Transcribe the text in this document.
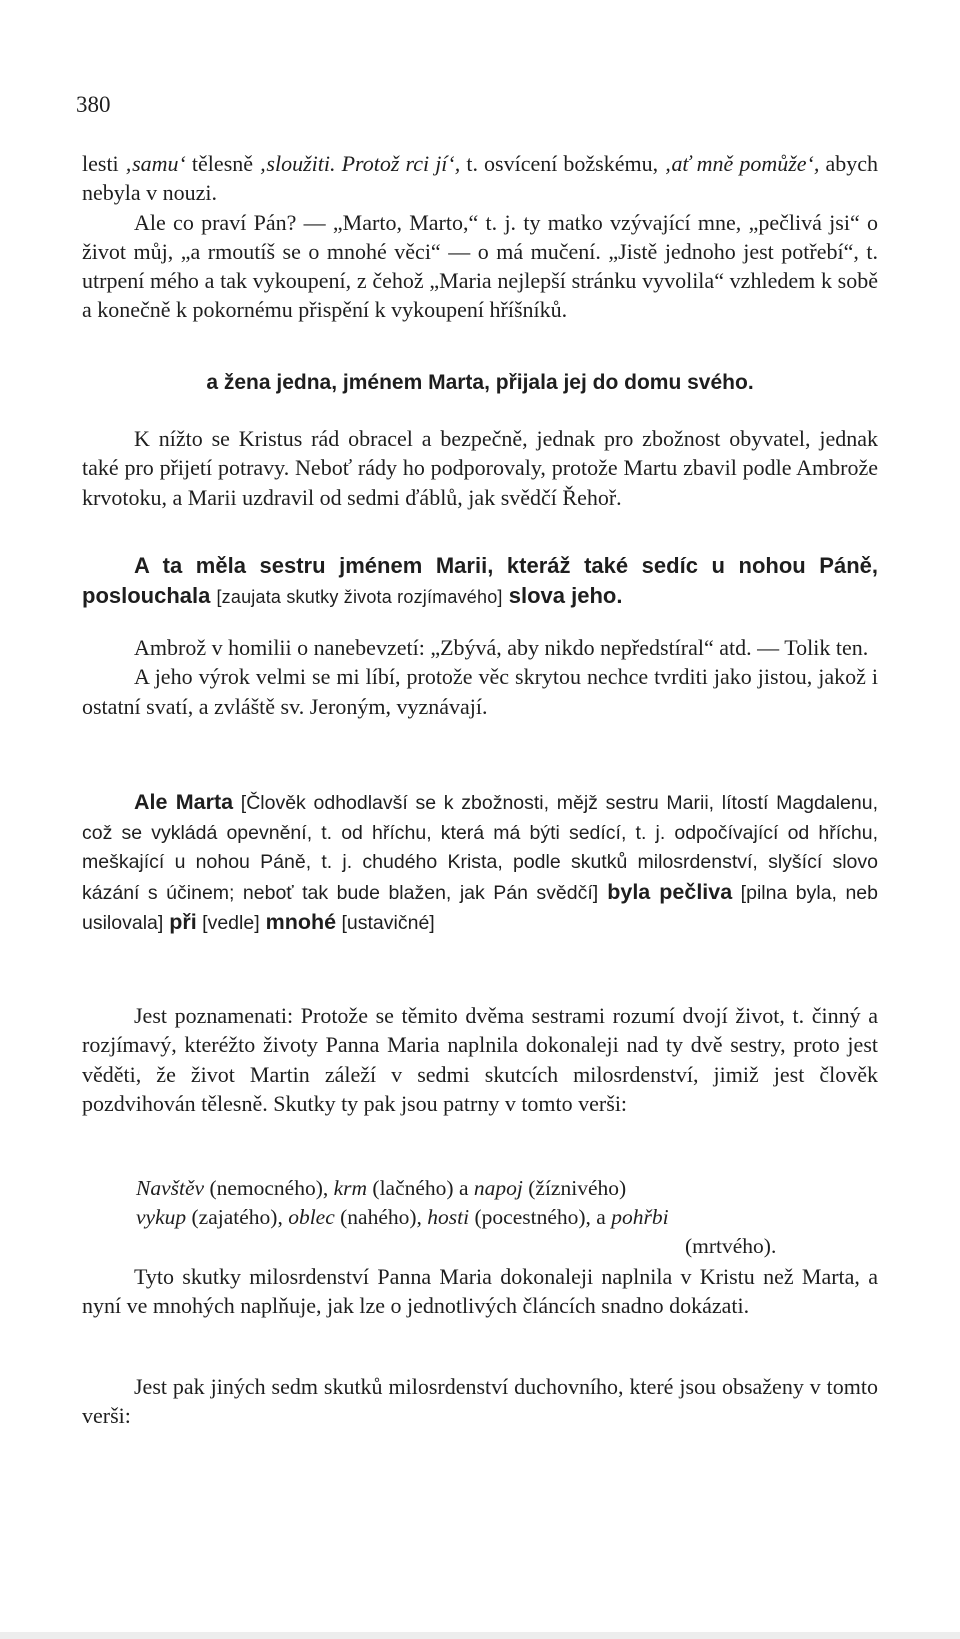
380

lesti ‚samu‘ tělesně ‚sloužiti. Protož rci jí‘, t. osvícení božskému, ‚ať mně pomůže‘, abych nebyla v nouzi.

Ale co praví Pán? — „Marto, Marto,“ t. j. ty matko vzývající mne, „pečlivá jsi“ o život můj, „a rmoutíš se o mnohé věci“ — o má mučení. „Jistě jednoho jest potřebí“, t. utrpení mého a tak vykoupení, z čehož „Maria nejlepší stránku vyvolila“ vzhledem k sobě a konečně k pokornému přispění k vykoupení hříšníků.

a žena jedna, jménem Marta, přijala jej do domu svého.

K nížto se Kristus rád obracel a bezpečně, jednak pro zbožnost obyvatel, jednak také pro přijetí potravy. Neboť rády ho podporovaly, protože Martu zbavil podle Ambrože krvotoku, a Marii uzdravil od sedmi ďáblů, jak svědčí Řehoř.

A ta měla sestru jménem Marii, kteráž také sedíc u nohou Páně, poslouchala [zaujata skutky života rozjímavého] slova jeho.

Ambrož v homilii o nanebevzetí: „Zbývá, aby nikdo nepředstíral“ atd. — Tolik ten.

A jeho výrok velmi se mi líbí, protože věc skrytou nechce tvrditi jako jistou, jakož i ostatní svatí, a zvláště sv. Jeroným, vyznávají.

Ale Marta [Člověk odhodlavší se k zbožnosti, mějž sestru Marii, lítostí Magdalenu, což se vykládá opevnění, t. od hříchu, která má býti sedící, t. j. odpočívající od hříchu, meškající u nohou Páně, t. j. chudého Krista, podle skutků milosrdenství, slyšící slovo kázání s účinem; neboť tak bude blažen, jak Pán svědčí] byla pečliva [pilna byla, neb usilovala] při [vedle] mnohé [ustavičné]

Jest poznamenati: Protože se těmito dvěma sestrami rozumí dvojí život, t. činný a rozjímavý, kteréžto životy Panna Maria naplnila dokonaleji nad ty dvě sestry, proto jest věděti, že život Martin záleží v sedmi skutcích milosrdenství, jimiž jest člověk pozdvihován tělesně. Skutky ty pak jsou patrny v tomto verši:

Navštěv (nemocného), krm (lačného) a napoj (žíznivého)
vykup (zajatého), oblec (nahého), hosti (pocestného), a pohřbi
(mrtvého).

Tyto skutky milosrdenství Panna Maria dokonaleji naplnila v Kristu než Marta, a nyní ve mnohých naplňuje, jak lze o jednotlivých článcích snadno dokázati.

Jest pak jiných sedm skutků milosrdenství duchovního, které jsou obsaženy v tomto verši:
